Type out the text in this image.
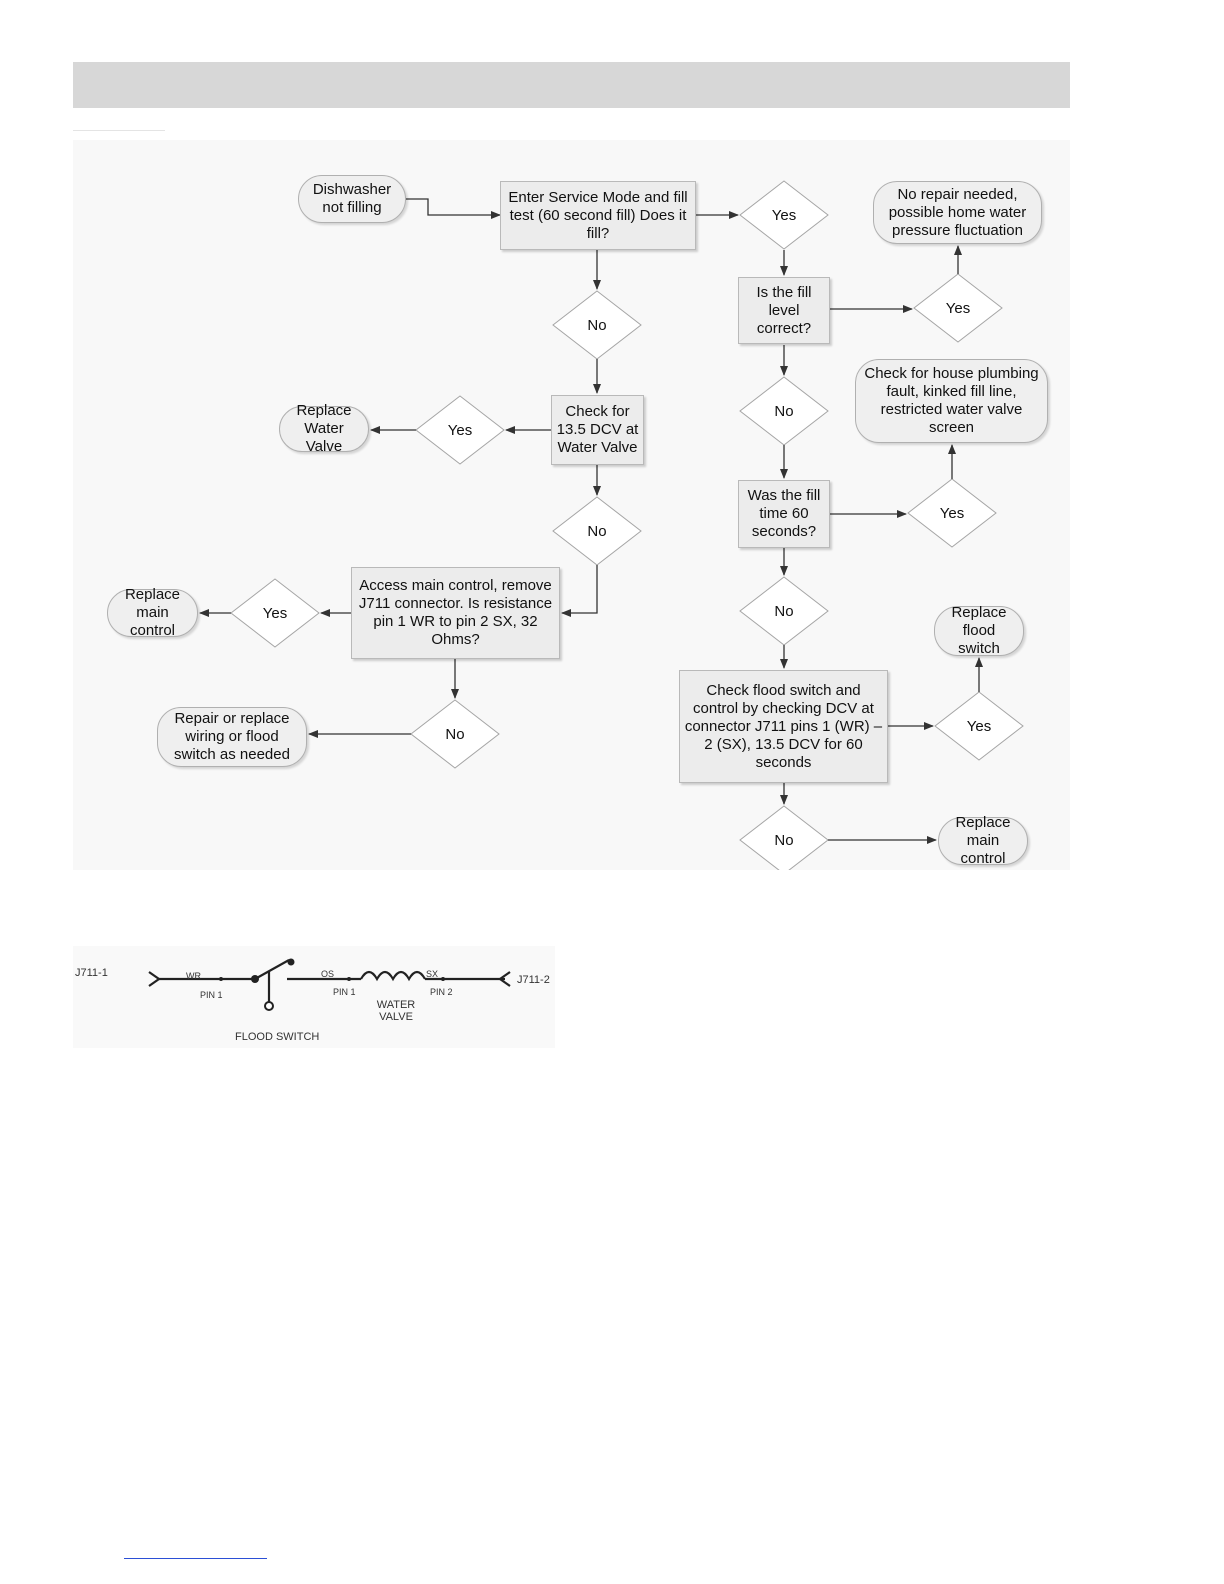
Dishwasher not filling
Enter Service Mode and fill test (60 second fill) Does it fill?
Is the fill level correct?
No repair needed, possible home water pressure fluctuation
Was the fill time 60 seconds?
Check for house plumbing fault, kinked fill line, restricted water valve screen
Check flood switch and control by checking DCV at connector J711 pins 1 (WR) – 2 (SX), 13.5 DCV for 60 seconds
Replace flood switch
Replace main control
Check for 13.5 DCV at Water Valve
Replace Water Valve
Access main control, remove J711 connector. Is resistance pin 1 WR to pin 2 SX, 32 Ohms?
Replace main control
Repair or replace wiring or flood switch as needed
Yes
No
Yes
No
Yes
No
Yes
No
Yes
No
Yes
No
J711-1
J711-2
WR	OS	SX
PIN 1	PIN 1	PIN 2
WATER VALVE
FLOOD SWITCH
